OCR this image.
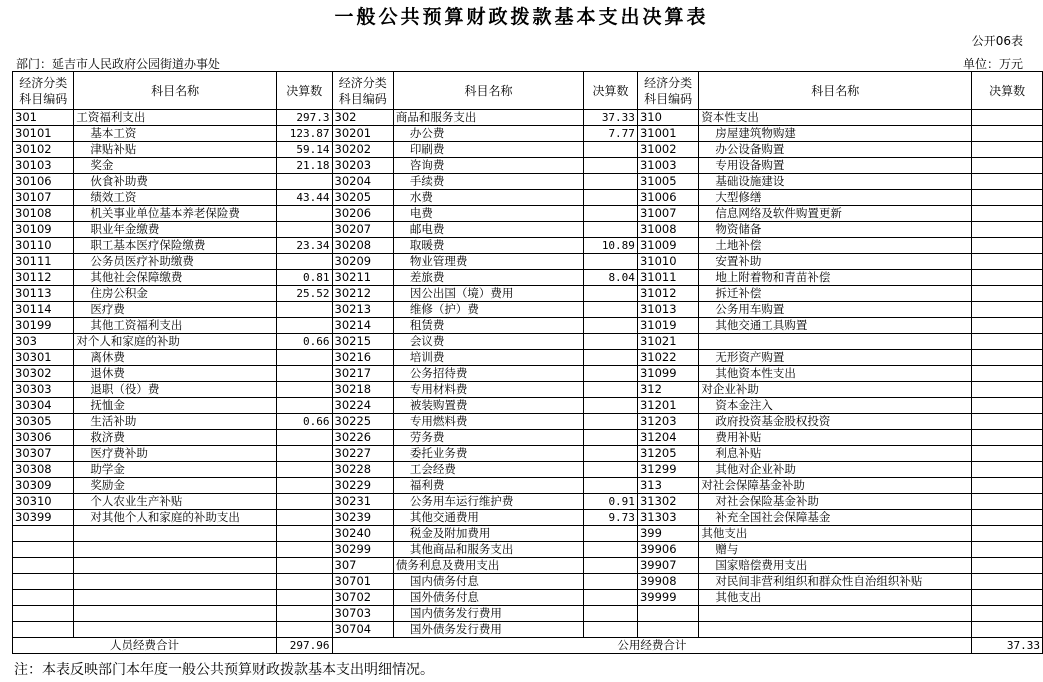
一般公共预算财政拨款基本支出决算表
公开06表
部门：延吉市人民政府公园街道办事处	单位：万元
经济分类科目编码	科目名称	决算数	经济分类科目编码	科目名称	决算数	经济分类科目编码	科目名称	决算数
301	工资福利支出	297.3	302	商品和服务支出	37.33	310	资本性支出	
30101	基本工资	123.87	30201	办公费	7.77	31001	房屋建筑物购建	
30102	津贴补贴	59.14	30202	印刷费		31002	办公设备购置	
30103	奖金	21.18	30203	咨询费		31003	专用设备购置	
30106	伙食补助费		30204	手续费		31005	基础设施建设	
30107	绩效工资	43.44	30205	水费		31006	大型修缮	
30108	机关事业单位基本养老保险费		30206	电费		31007	信息网络及软件购置更新	
30109	职业年金缴费		30207	邮电费		31008	物资储备	
30110	职工基本医疗保险缴费	23.34	30208	取暖费	10.89	31009	土地补偿	
30111	公务员医疗补助缴费		30209	物业管理费		31010	安置补助	
30112	其他社会保障缴费	0.81	30211	差旅费	8.04	31011	地上附着物和青苗补偿	
30113	住房公积金	25.52	30212	因公出国（境）费用		31012	拆迁补偿	
30114	医疗费		30213	维修（护）费		31013	公务用车购置	
30199	其他工资福利支出		30214	租赁费		31019	其他交通工具购置	
303	对个人和家庭的补助	0.66	30215	会议费		31021		
30301	离休费		30216	培训费		31022	无形资产购置	
30302	退休费		30217	公务招待费		31099	其他资本性支出	
30303	退职（役）费		30218	专用材料费		312	对企业补助	
30304	抚恤金		30224	被装购置费		31201	资本金注入	
30305	生活补助	0.66	30225	专用燃料费		31203	政府投资基金股权投资	
30306	救济费		30226	劳务费		31204	费用补贴	
30307	医疗费补助		30227	委托业务费		31205	利息补贴	
30308	助学金		30228	工会经费		31299	其他对企业补助	
30309	奖励金		30229	福利费		313	对社会保障基金补助	
30310	个人农业生产补贴		30231	公务用车运行维护费	0.91	31302	对社会保险基金补助	
30399	对其他个人和家庭的补助支出		30239	其他交通费用	9.73	31303	补充全国社会保障基金	
			30240	税金及附加费用		399	其他支出	
			30299	其他商品和服务支出		39906	赠与	
			307	债务利息及费用支出		39907	国家赔偿费用支出	
			30701	国内债务付息		39908	对民间非营利组织和群众性自治组织补贴	
			30702	国外债务付息		39999	其他支出	
			30703	国内债务发行费用				
			30704	国外债务发行费用				
人员经费合计		297.96	公用经费合计					37.33
注：本表反映部门本年度一般公共预算财政拨款基本支出明细情况。
